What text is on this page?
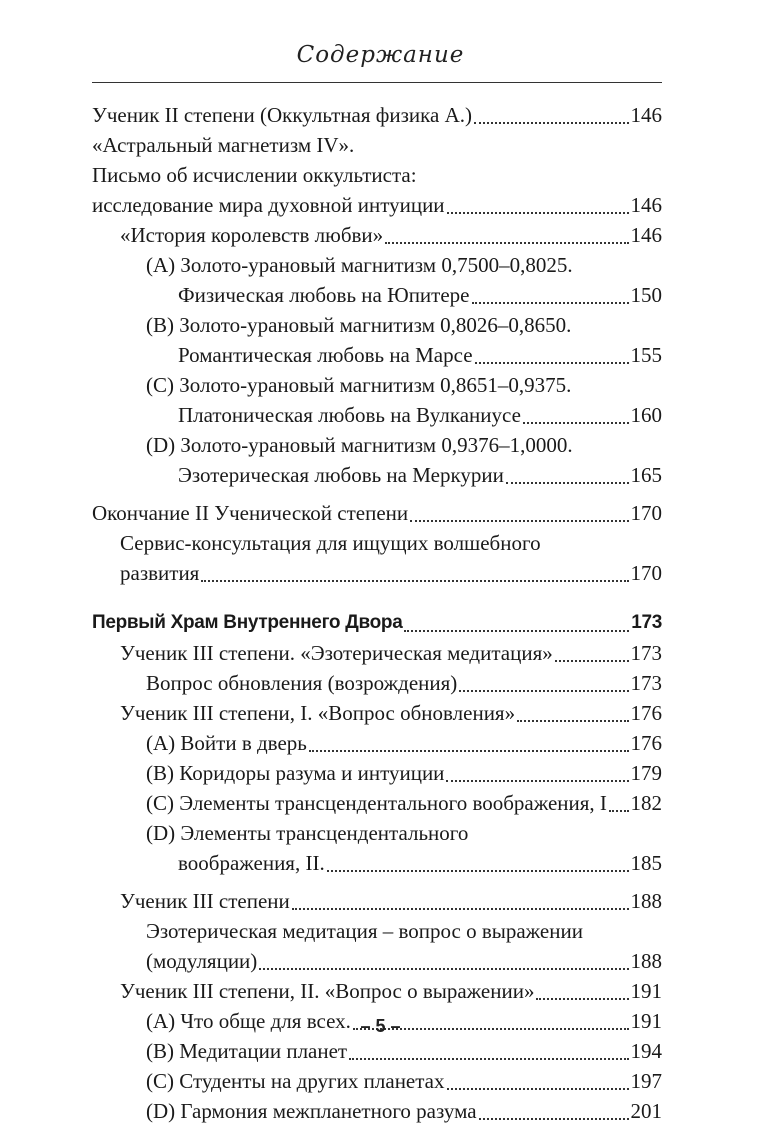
Содержание
Ученик II степени (Оккультная физика А.)	146
«Астральный магнетизм IV».
Письмо об исчислении оккультиста:
исследование мира духовной интуиции	146
«История королевств любви»	146
(A) Золото-урановый магнитизм 0,7500–0,8025.
Физическая любовь на Юпитере	150
(B) Золото-урановый магнитизм 0,8026–0,8650.
Романтическая любовь на Марсе	155
(C) Золото-урановый магнитизм 0,8651–0,9375.
Платоническая любовь на Вулканиусе	160
(D) Золото-урановый магнитизм 0,9376–1,0000.
Эзотерическая любовь на Меркурии	165
Окончание II Ученической степени	170
Сервис-консультация для ищущих волшебного
развития	170
Первый Храм Внутреннего Двора	173
Ученик III степени. «Эзотерическая медитация»	173
Вопрос обновления (возрождения)	173
Ученик III степени, I. «Вопрос обновления»	176
(A) Войти в дверь	176
(B) Коридоры разума и интуиции	179
(C) Элементы трансцендентального воображения, I 182
(D) Элементы трансцендентального
воображения, II.	185
Ученик III степени	188
Эзотерическая медитация – вопрос о выражении
(модуляции)	188
Ученик III степени, II. «Вопрос о выражении»	191
(A) Что обще для всех.	191
(B) Медитации планет	194
(C) Студенты на других планетах	197
(D) Гармония межпланетного разума	201
– 5 –
